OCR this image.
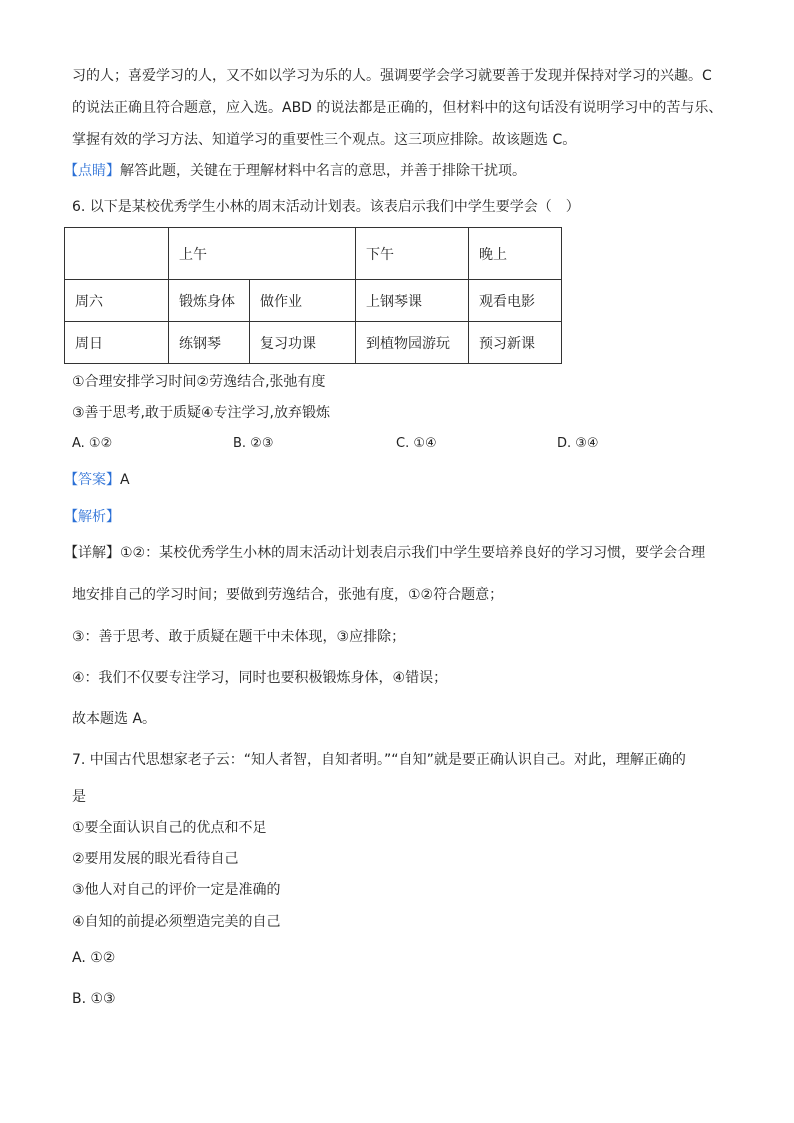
习的人；喜爱学习的人，又不如以学习为乐的人。强调要学会学习就要善于发现并保持对学习的兴趣。C
的说法正确且符合题意，应入选。ABD 的说法都是正确的，但材料中的这句话没有说明学习中的苦与乐、
掌握有效的学习方法、知道学习的重要性三个观点。这三项应排除。故该题选 C。
【点睛】解答此题，关键在于理解材料中名言的意思，并善于排除干扰项。
6. 以下是某校优秀学生小林的周末活动计划表。该表启示我们中学生要学会（　）
	上午		下午	晚上
周六	锻炼身体	做作业	上钢琴课	观看电影
周日	练钢琴	复习功课	到植物园游玩	预习新课
①合理安排学习时间②劳逸结合,张弛有度
③善于思考,敢于质疑④专注学习,放弃锻炼
A. ①②	B. ②③	C. ①④	D. ③④
【答案】A
【解析】
【详解】①②：某校优秀学生小林的周末活动计划表启示我们中学生要培养良好的学习习惯，要学会合理
地安排自己的学习时间；要做到劳逸结合，张弛有度，①②符合题意；
③：善于思考、敢于质疑在题干中未体现，③应排除；
④：我们不仅要专注学习，同时也要积极锻炼身体，④错误；
故本题选 A。
7. 中国古代思想家老子云：“知人者智，自知者明。”“自知”就是要正确认识自己。对此，理解正确的
是
①要全面认识自己的优点和不足
②要用发展的眼光看待自己
③他人对自己的评价一定是准确的
④自知的前提必须塑造完美的自己
A. ①②
B. ①③
